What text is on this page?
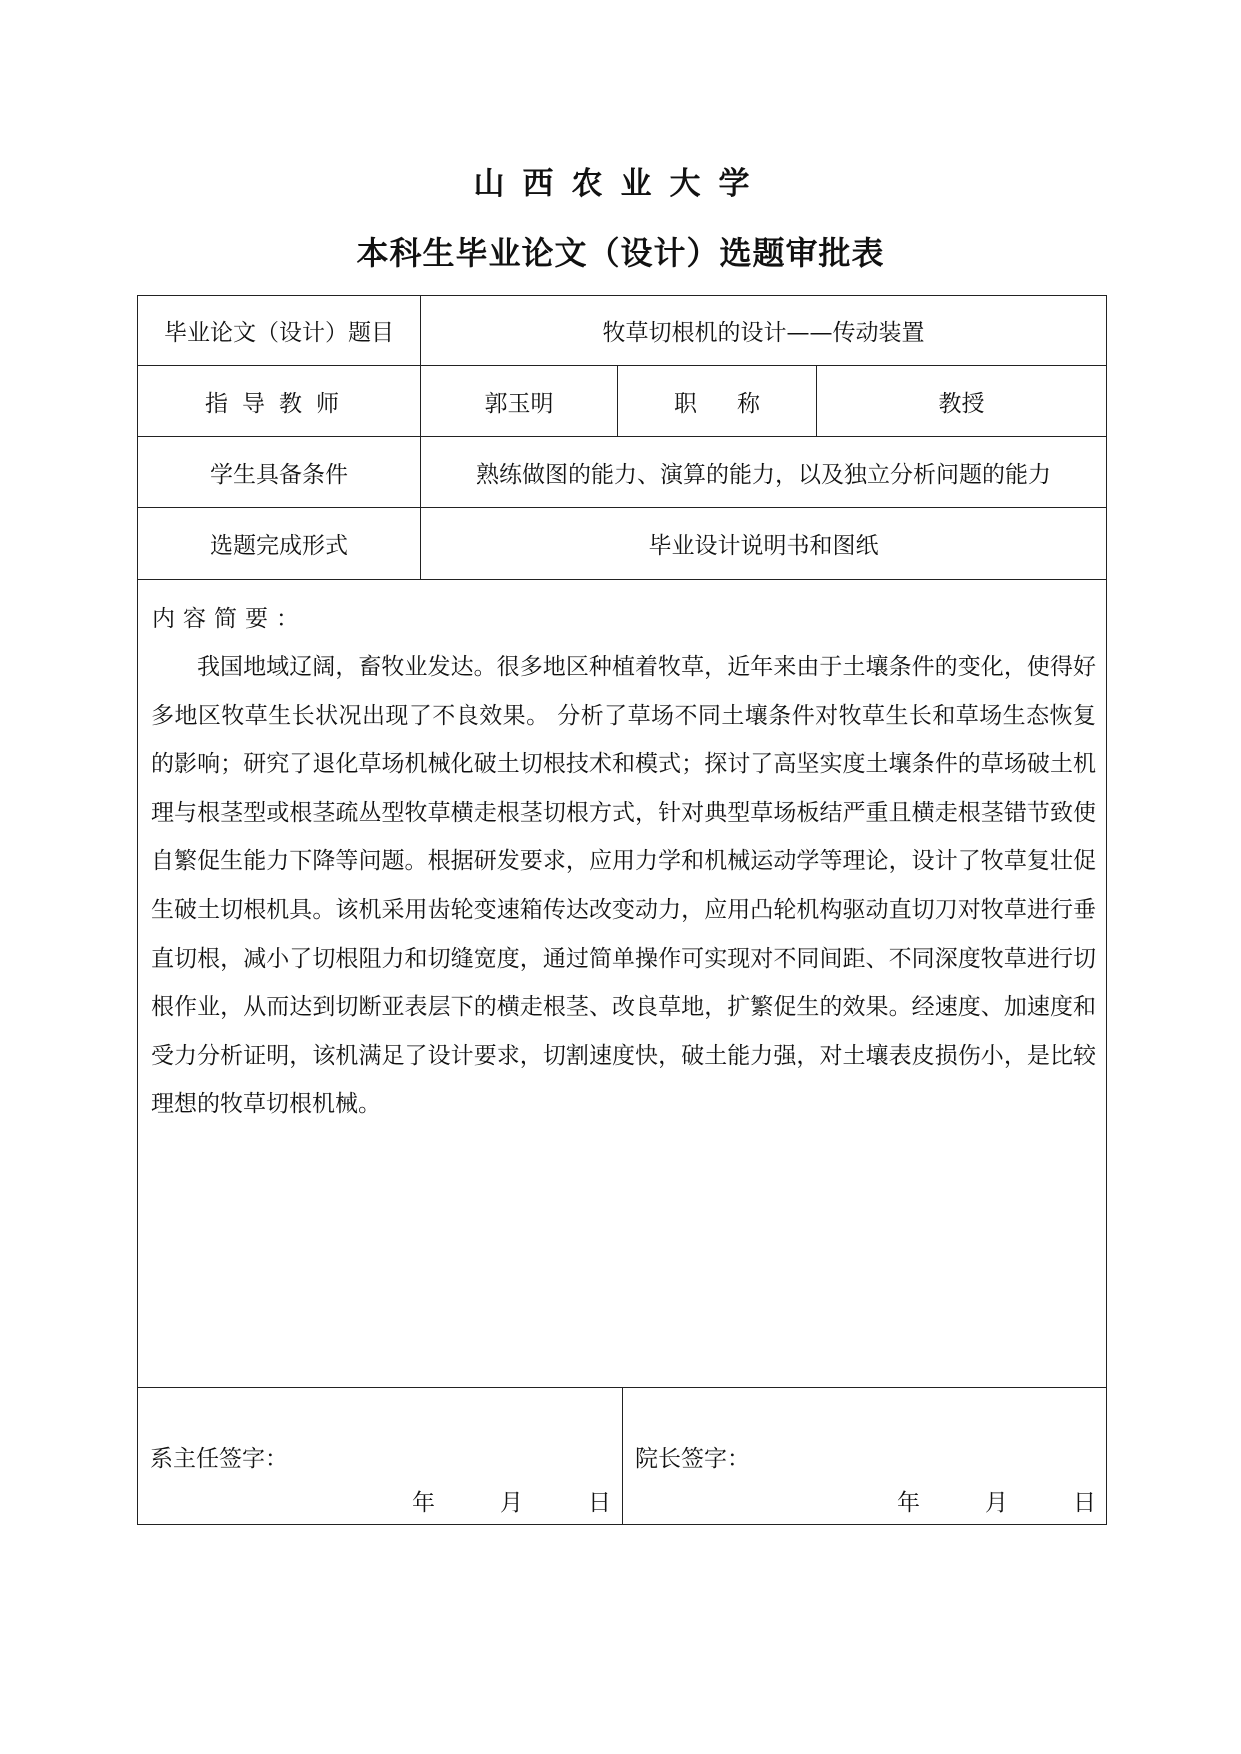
山西农业大学
本科生毕业论文（设计）选题审批表
毕业论文（设计）题目	牧草切根机的设计——传动装置
指导教师	郭玉明	职称	教授
学生具备条件	熟练做图的能力、演算的能力，以及独立分析问题的能力
选题完成形式	毕业设计说明书和图纸
内容简要：

我国地域辽阔，畜牧业发达。很多地区种植着牧草，近年来由于土壤条件的变化，使得好多地区牧草生长状况出现了不良效果。 分析了草场不同土壤条件对牧草生长和草场生态恢复的影响；研究了退化草场机械化破土切根技术和模式；探讨了高坚实度土壤条件的草场破土机理与根茎型或根茎疏丛型牧草横走根茎切根方式，针对典型草场板结严重且横走根茎错节致使自繁促生能力下降等问题。根据研发要求，应用力学和机械运动学等理论，设计了牧草复壮促生破土切根机具。该机采用齿轮变速箱传达改变动力，应用凸轮机构驱动直切刀对牧草进行垂直切根，减小了切根阻力和切缝宽度，通过简单操作可实现对不同间距、不同深度牧草进行切根作业，从而达到切断亚表层下的横走根茎、改良草地，扩繁促生的效果。经速度、加速度和受力分析证明，该机满足了设计要求，切割速度快，破土能力强，对土壤表皮损伤小，是比较理想的牧草切根机械。

系主任签字：
年	月	日
院长签字：
年	月	日
